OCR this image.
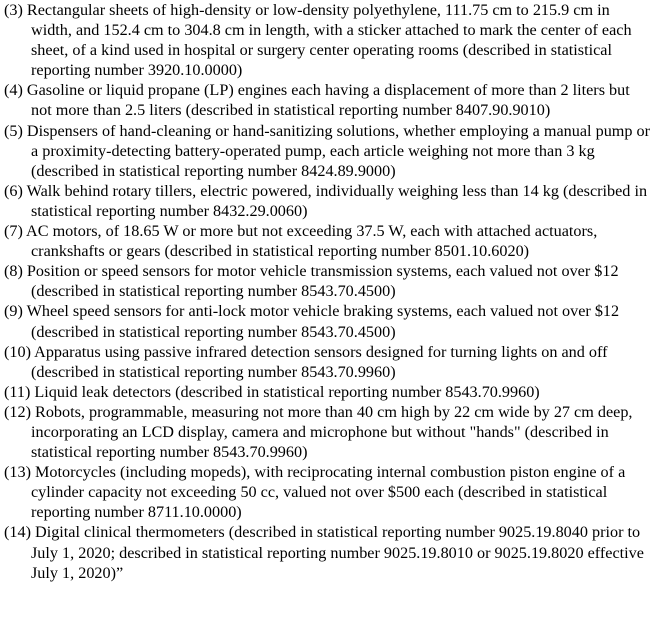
(3) Rectangular sheets of high-density or low-density polyethylene, 111.75 cm to 215.9 cm in width, and 152.4 cm to 304.8 cm in length, with a sticker attached to mark the center of each sheet, of a kind used in hospital or surgery center operating rooms (described in statistical reporting number 3920.10.0000)

(4) Gasoline or liquid propane (LP) engines each having a displacement of more than 2 liters but not more than 2.5 liters (described in statistical reporting number 8407.90.9010)

(5) Dispensers of hand-cleaning or hand-sanitizing solutions, whether employing a manual pump or a proximity-detecting battery-operated pump, each article weighing not more than 3 kg (described in statistical reporting number 8424.89.9000)

(6) Walk behind rotary tillers, electric powered, individually weighing less than 14 kg (described in statistical reporting number 8432.29.0060)

(7) AC motors, of 18.65 W or more but not exceeding 37.5 W, each with attached actuators, crankshafts or gears (described in statistical reporting number 8501.10.6020)

(8) Position or speed sensors for motor vehicle transmission systems, each valued not over $12 (described in statistical reporting number 8543.70.4500)

(9) Wheel speed sensors for anti-lock motor vehicle braking systems, each valued not over $12 (described in statistical reporting number 8543.70.4500)

(10) Apparatus using passive infrared detection sensors designed for turning lights on and off (described in statistical reporting number 8543.70.9960)

(11) Liquid leak detectors (described in statistical reporting number 8543.70.9960)

(12) Robots, programmable, measuring not more than 40 cm high by 22 cm wide by 27 cm deep, incorporating an LCD display, camera and microphone but without "hands" (described in statistical reporting number 8543.70.9960)

(13) Motorcycles (including mopeds), with reciprocating internal combustion piston engine of a cylinder capacity not exceeding 50 cc, valued not over $500 each (described in statistical reporting number 8711.10.0000)

(14) Digital clinical thermometers (described in statistical reporting number 9025.19.8040 prior to July 1, 2020; described in statistical reporting number 9025.19.8010 or 9025.19.8020 effective July 1, 2020)”
